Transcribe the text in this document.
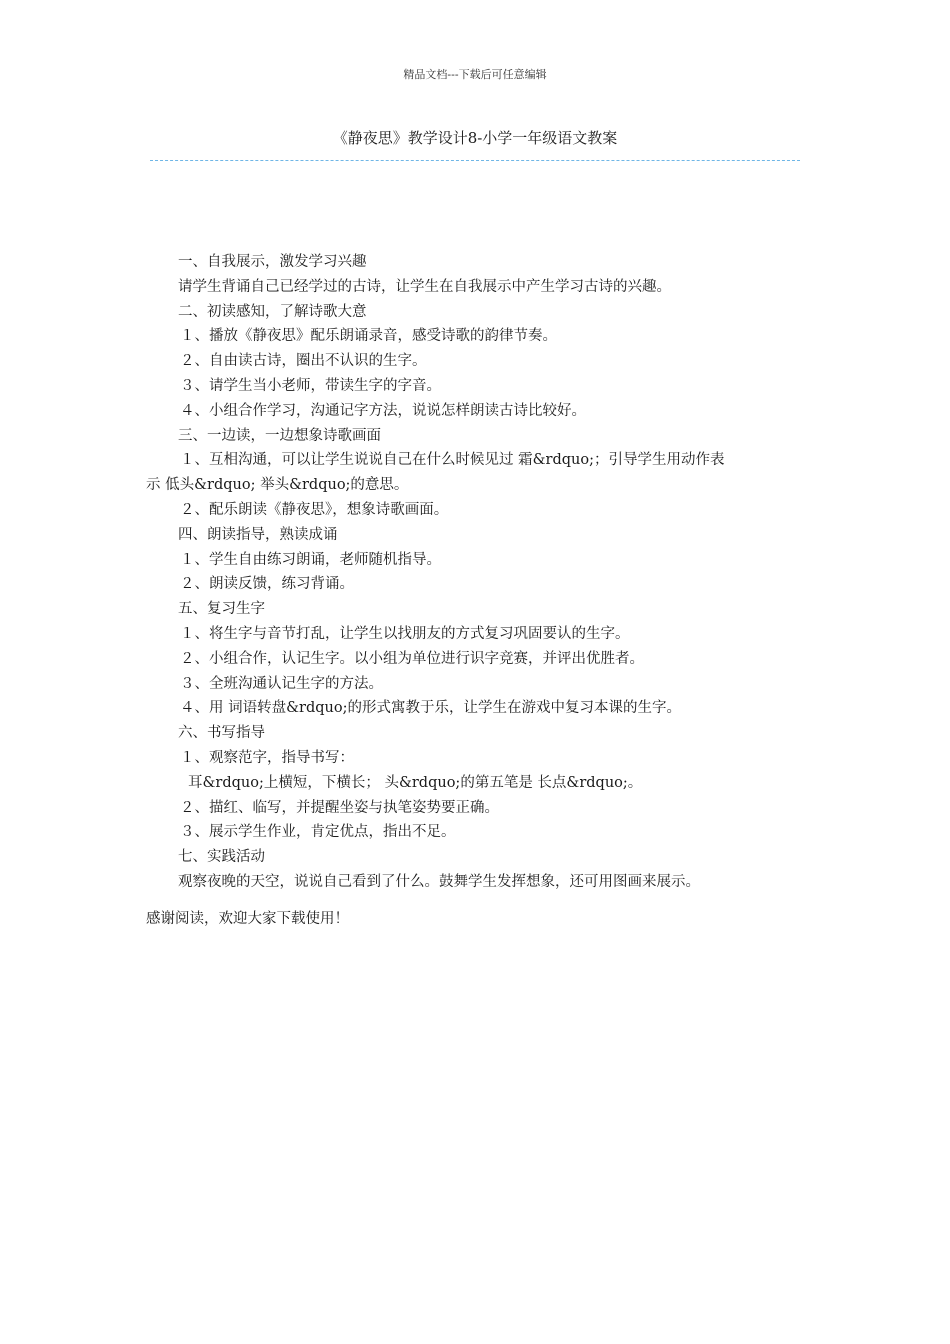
精品文档---下载后可任意编辑
《静夜思》教学设计8-小学一年级语文教案
一、自我展示，激发学习兴趣
请学生背诵自己已经学过的古诗，让学生在自我展示中产生学习古诗的兴趣。
二、初读感知，了解诗歌大意
１、播放《静夜思》配乐朗诵录音，感受诗歌的韵律节奏。
２、自由读古诗，圈出不认识的生字。
３、请学生当小老师，带读生字的字音。
４、小组合作学习，沟通记字方法，说说怎样朗读古诗比较好。
三、一边读，一边想象诗歌画面
１、互相沟通，可以让学生说说自己在什么时候见过 霜&rdquo;；引导学生用动作表
示 低头&rdquo; 举头&rdquo;的意思。
２、配乐朗读《静夜思》，想象诗歌画面。
四、朗读指导，熟读成诵
１、学生自由练习朗诵，老师随机指导。
２、朗读反馈，练习背诵。
五、复习生字
１、将生字与音节打乱，让学生以找朋友的方式复习巩固要认的生字。
２、小组合作，认记生字。以小组为单位进行识字竞赛，并评出优胜者。
３、全班沟通认记生字的方法。
４、用 词语转盘&rdquo;的形式寓教于乐，让学生在游戏中复习本课的生字。
六、书写指导
１、观察范字，指导书写：
耳&rdquo;上横短，下横长； 头&rdquo;的第五笔是 长点&rdquo;。
２、描红、临写，并提醒坐姿与执笔姿势要正确。
３、展示学生作业，肯定优点，指出不足。
七、实践活动
观察夜晚的天空，说说自己看到了什么。鼓舞学生发挥想象，还可用图画来展示。
感谢阅读，欢迎大家下载使用！
